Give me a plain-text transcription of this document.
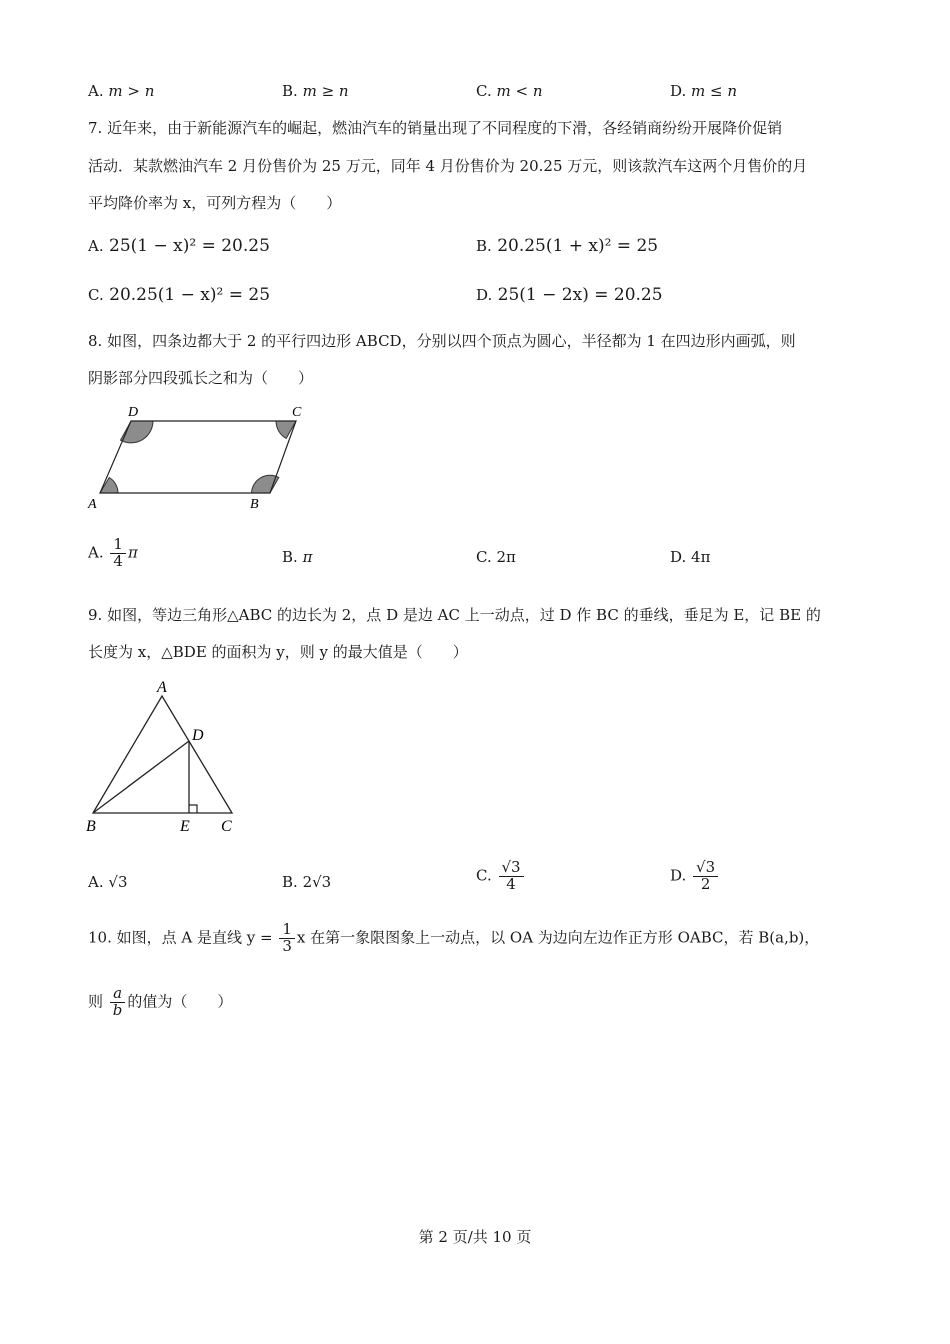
A. m > n	B. m ≥ n	C. m < n	D. m ≤ n
7. 近年来，由于新能源汽车的崛起，燃油汽车的销量出现了不同程度的下滑，各经销商纷纷开展降价促销
活动．某款燃油汽车 2 月份售价为 25 万元，同年 4 月份售价为 20.25 万元，则该款汽车这两个月售价的月
平均降价率为 x，可列方程为（　　）
A. 25(1 − x)² = 20.25	B. 20.25(1 + x)² = 25
C. 20.25(1 − x)² = 25	D. 25(1 − 2x) = 20.25
8. 如图，四条边都大于 2 的平行四边形 ABCD，分别以四个顶点为圆心，半径都为 1 在四边形内画弧，则
阴影部分四段弧长之和为（　　）
A	B
C
D
A. $\frac{1}{4}$ π	B. π	C. 2π	D. 4π
9. 如图，等边三角形△ABC 的边长为 2，点 D 是边 AC 上一动点，过 D 作 BC 的垂线，垂足为 E，记 BE 的
长度为 x，△BDE 的面积为 y，则 y 的最大值是（　　）
A
B	C
D
E
A. √3	B. 2√3	C. $\frac{√3}{4}$	D. $\frac{√3}{2}$
10. 如图，点 A 是直线 $y = \frac{1}{3}$ x 在第一象限图象上一动点，以 OA 为边向左边作正方形 OABC，若 B(a,b)，
则 $\frac{a}{b}$ 的值为（　　）
第 2 页/共 10 页
